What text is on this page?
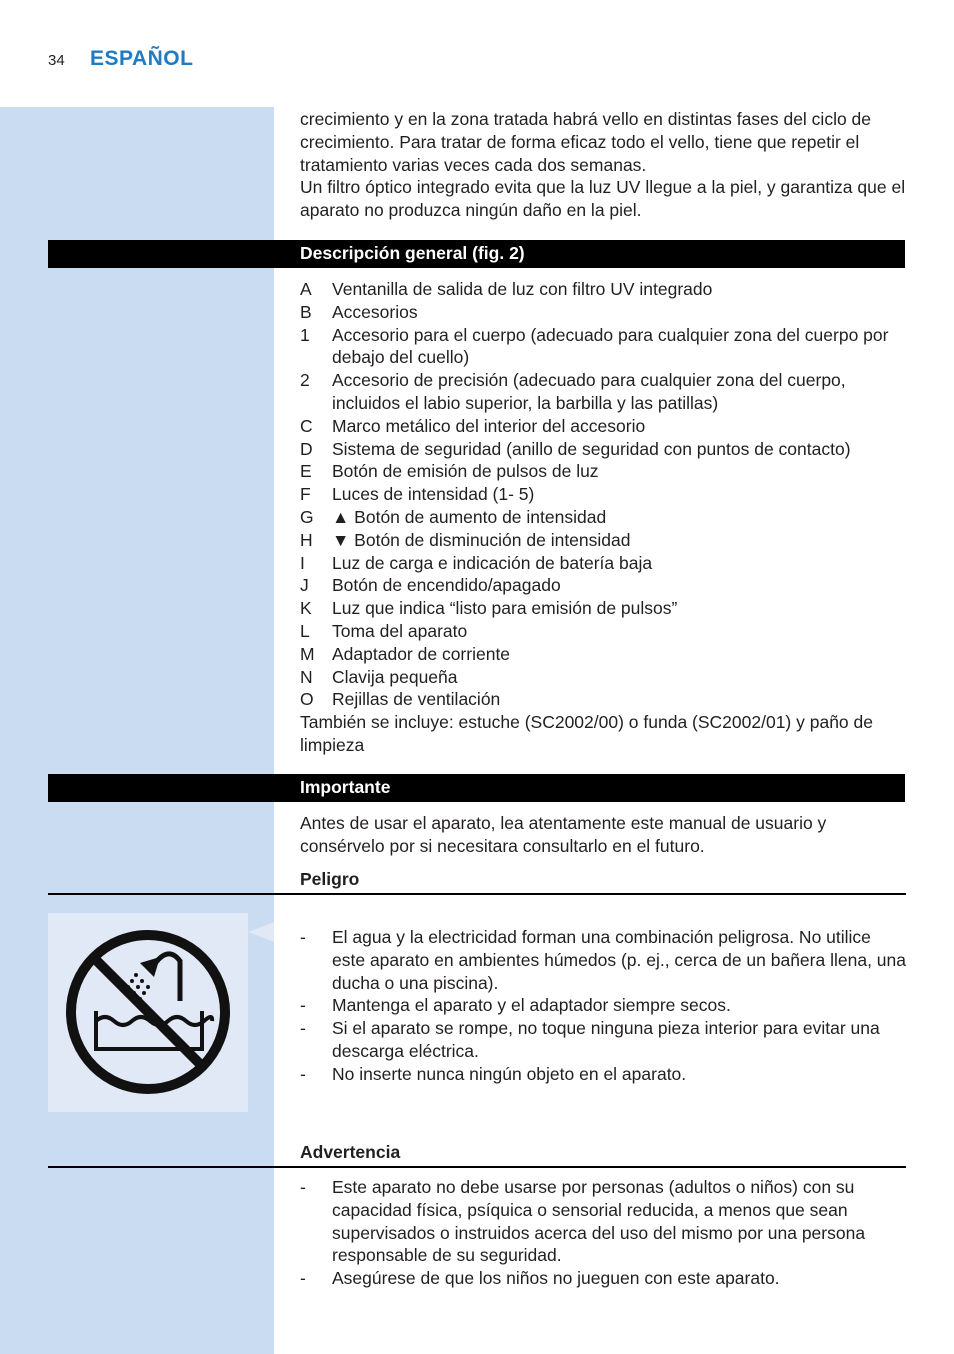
34 ESPAÑOL

crecimiento y en la zona tratada habrá vello en distintas fases del ciclo de crecimiento. Para tratar de forma eficaz todo el vello, tiene que repetir el tratamiento varias veces cada dos semanas.

Un filtro óptico integrado evita que la luz UV llegue a la piel, y garantiza que el aparato no produzca ningún daño en la piel.

Descripción general (fig. 2)
A	Ventanilla de salida de luz con filtro UV integrado
B	Accesorios
1	Accesorio para el cuerpo (adecuado para cualquier zona del cuerpo por debajo del cuello)
2	Accesorio de precisión (adecuado para cualquier zona del cuerpo, incluidos el labio superior, la barbilla y las patillas)
C	Marco metálico del interior del accesorio
D	Sistema de seguridad (anillo de seguridad con puntos de contacto)
E	Botón de emisión de pulsos de luz
F	Luces de intensidad (1- 5)
G	▲ Botón de aumento de intensidad
H	▼ Botón de disminución de intensidad
I	Luz de carga e indicación de batería baja
J	Botón de encendido/apagado
K	Luz que indica “listo para emisión de pulsos”
L	Toma del aparato
M Adaptador de corriente
N	Clavija pequeña
O	Rejillas de ventilación
También se incluye: estuche (SC2002/00) o funda (SC2002/01) y paño de limpieza
Importante
Antes de usar el aparato, lea atentamente este manual de usuario y consérvelo por si necesitara consultarlo en el futuro.
Peligro
-	El agua y la electricidad forman una combinación peligrosa. No utilice este aparato en ambientes húmedos (p. ej., cerca de un bañera llena, una ducha o una piscina).
-	Mantenga el aparato y el adaptador siempre secos.
-	Si el aparato se rompe, no toque ninguna pieza interior para evitar una descarga eléctrica.
-	No inserte nunca ningún objeto en el aparato.
Advertencia
-	Este aparato no debe usarse por personas (adultos o niños) con su capacidad física, psíquica o sensorial reducida, a menos que sean supervisados o instruidos acerca del uso del mismo por una persona responsable de su seguridad.
-	Asegúrese de que los niños no jueguen con este aparato.
